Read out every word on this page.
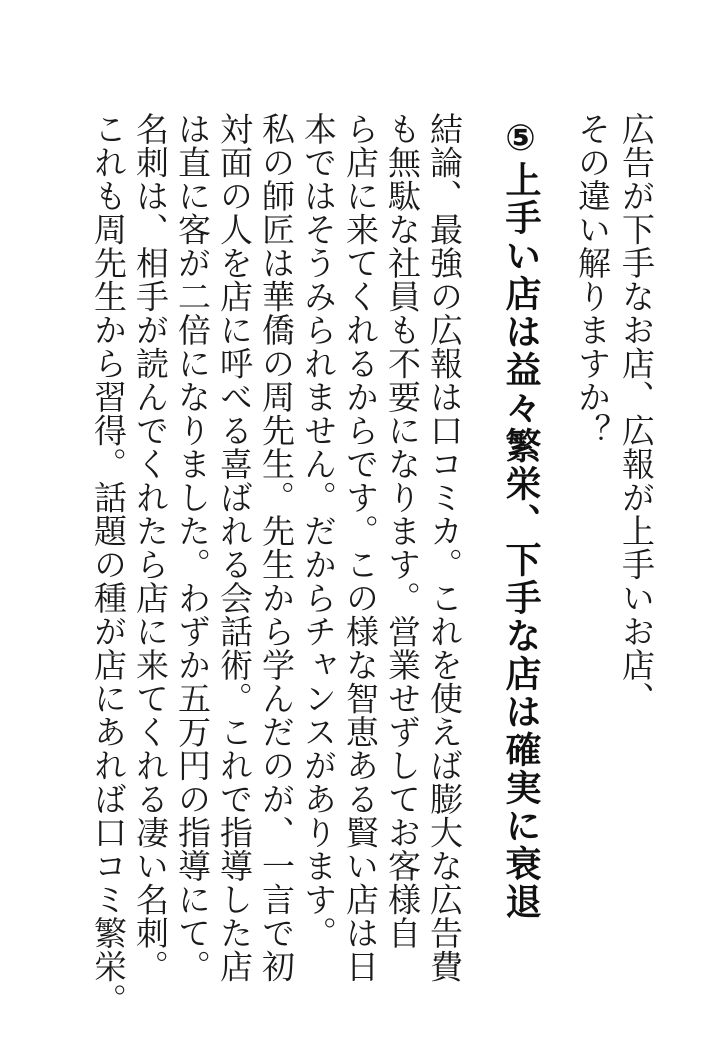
広告が下手なお店、広報が上手いお店、
その違い解りますか？
⑤上手い店は益々繁栄、下手な店は確実に衰退
結論、最強の広報は口コミカ。これを使えば膨大な広告費
も無駄な社員も不要になります。営業せずしてお客様自
ら店に来てくれるからです。この様な智恵ある賢い店は日
本ではそうみられません。だからチャンスがあります。
私の師匠は華僑の周先生。先生から学んだのが、一言で初
対面の人を店に呼べる喜ばれる会話術。これで指導した店
は直に客が二倍になりました。わずか五万円の指導にて。
名刺は、相手が読んでくれたら店に来てくれる凄い名刺。
これも周先生から習得。話題の種が店にあれば口コミ繁栄。
